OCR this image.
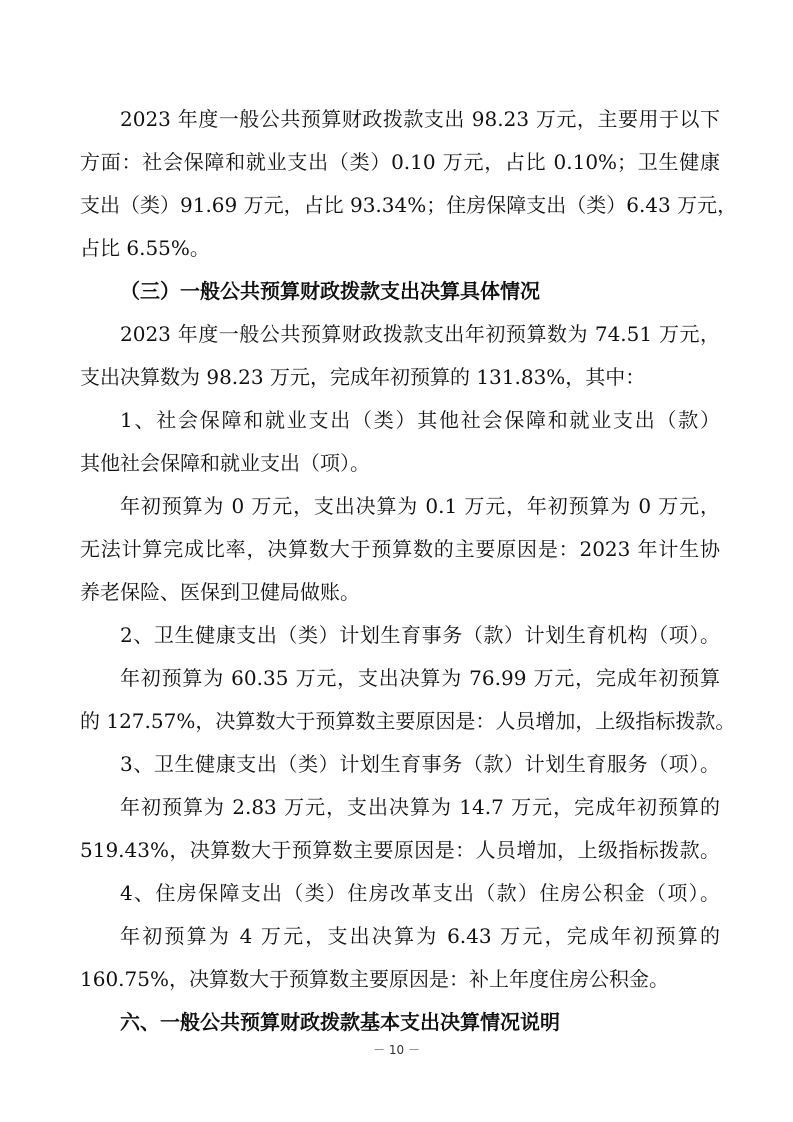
2023 年度一般公共预算财政拨款支出 98.23 万元，主要用于以下
方面：社会保障和就业支出（类）0.10 万元，占比 0.10%；卫生健康
支出（类）91.69 万元，占比 93.34%；住房保障支出（类）6.43 万元，
占比 6.55%。
（三）一般公共预算财政拨款支出决算具体情况
2023 年度一般公共预算财政拨款支出年初预算数为 74.51 万元，
支出决算数为 98.23 万元，完成年初预算的 131.83%，其中：
1、社会保障和就业支出（类）其他社会保障和就业支出（款）
其他社会保障和就业支出（项）。
年初预算为 0 万元，支出决算为 0.1 万元，年初预算为 0 万元，
无法计算完成比率，决算数大于预算数的主要原因是：2023 年计生协
养老保险、医保到卫健局做账。
2、卫生健康支出（类）计划生育事务（款）计划生育机构（项）。
年初预算为 60.35 万元，支出决算为 76.99 万元，完成年初预算
的 127.57%，决算数大于预算数主要原因是：人员增加，上级指标拨款。
3、卫生健康支出（类）计划生育事务（款）计划生育服务（项）。
年初预算为 2.83 万元，支出决算为 14.7 万元，完成年初预算的
519.43%，决算数大于预算数主要原因是：人员增加，上级指标拨款。
4、住房保障支出（类）住房改革支出（款）住房公积金（项）。
年初预算为 4 万元，支出决算为 6.43 万元，完成年初预算的
160.75%，决算数大于预算数主要原因是：补上年度住房公积金。
六、一般公共预算财政拨款基本支出决算情况说明
－ 10 －
